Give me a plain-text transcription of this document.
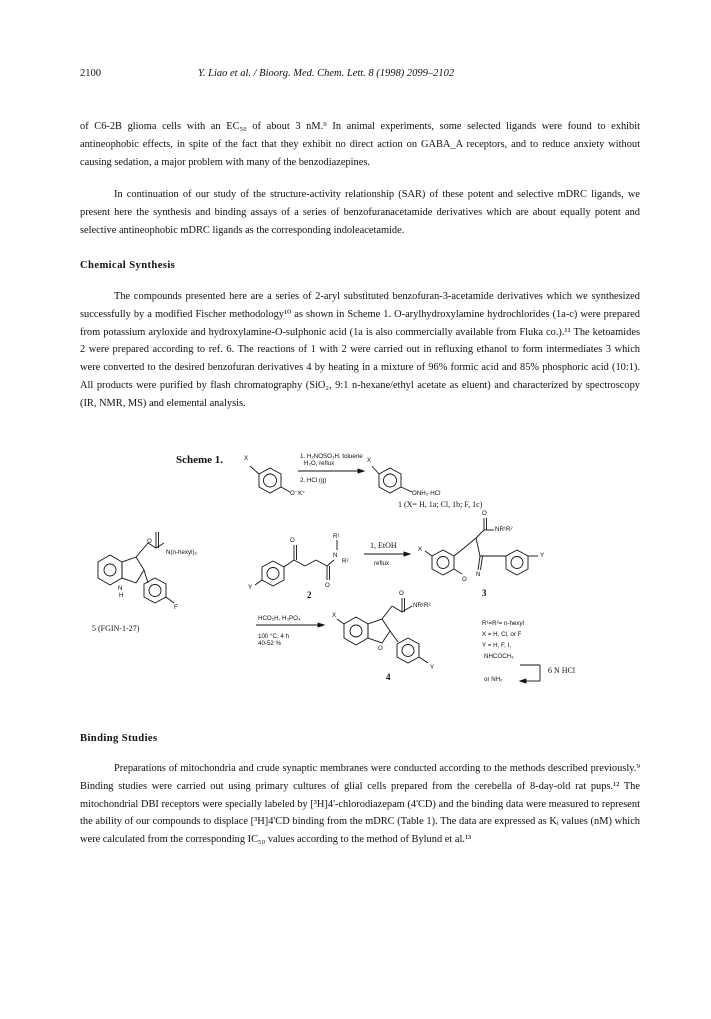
2100	Y. Liao et al. / Bioorg. Med. Chem. Lett. 8 (1998) 2099–2102

of C6-2B glioma cells with an EC₅₀ of about 3 nM.⁹ In animal experiments, some selected ligands were found to exhibit antineophobic effects, in spite of the fact that they exhibit no direct action on GABA_A receptors, and to reduce anxiety without causing sedation, a major problem with many of the benzodiazepines.

In continuation of our study of the structure-activity relationship (SAR) of these potent and selective mDRC ligands, we present here the synthesis and binding assays of a series of benzofuranacetamide derivatives which are about equally potent and selective antineophobic mDRC ligands as the corresponding indoleacetamide.

Chemical Synthesis

The compounds presented here are a series of 2-aryl substituted benzofuran-3-acetamide derivatives which we synthesized successfully by a modified Fischer methodology¹⁰ as shown in Scheme 1. O-arylhydroxylamine hydrochlorides (1a-c) were prepared from potassium aryloxide and hydroxylamine-O-sulphonic acid (1a is also commercially available from Fluka co.).¹¹ The ketoamides 2 were prepared according to ref. 6. The reactions of 1 with 2 were carried out in refluxing ethanol to form intermediates 3 which were converted to the desired benzofuran derivatives 4 by heating in a mixture of 96% formic acid and 85% phosphoric acid (10:1). All products were purified by flash chromatography (SiO₂, 9:1 n-hexane/ethyl acetate as eluent) and characterized by spectroscopy (IR, NMR, MS) and elemental analysis.

Scheme 1.	X
O⁻K⁺
1. H₂NOSO₃H, toluene
H₂O, reflux
2. HCl (g)
X
ONH₂·HCl
1 (X= H, 1a; Cl, 1b; F, 1c)
N(n-hexyl)₂
O
N
H
F
5 (FGIN-1-27)
O
R¹
N
R²
O
Y
2
1, EtOH
reflux
X
O
NR¹R²
O
N
Y
3
HCO₂H, H₃PO₄
100 °C, 4 h
40-52 %
X
O
NR¹R²
O
Y
4
R¹=R²= n-hexyl
X = H, Cl, or F
Y = H, F, I,
NHCOCH₃
or NH₂
6 N HCl
Binding Studies

Preparations of mitochondria and crude synaptic membranes were conducted according to the methods described previously.⁹ Binding studies were carried out using primary cultures of glial cells prepared from the cerebella of 8-day-old rat pups.¹² The mitochondrial DBI receptors were specially labeled by [³H]4'-chlorodiazepam (4'CD) and the binding data were measured to represent the ability of our compounds to displace [³H]4'CD binding from the mDRC (Table 1). The data are expressed as Kᵢ values (nM) which were calculated from the corresponding IC₅₀ values according to the method of Bylund et al.¹³
